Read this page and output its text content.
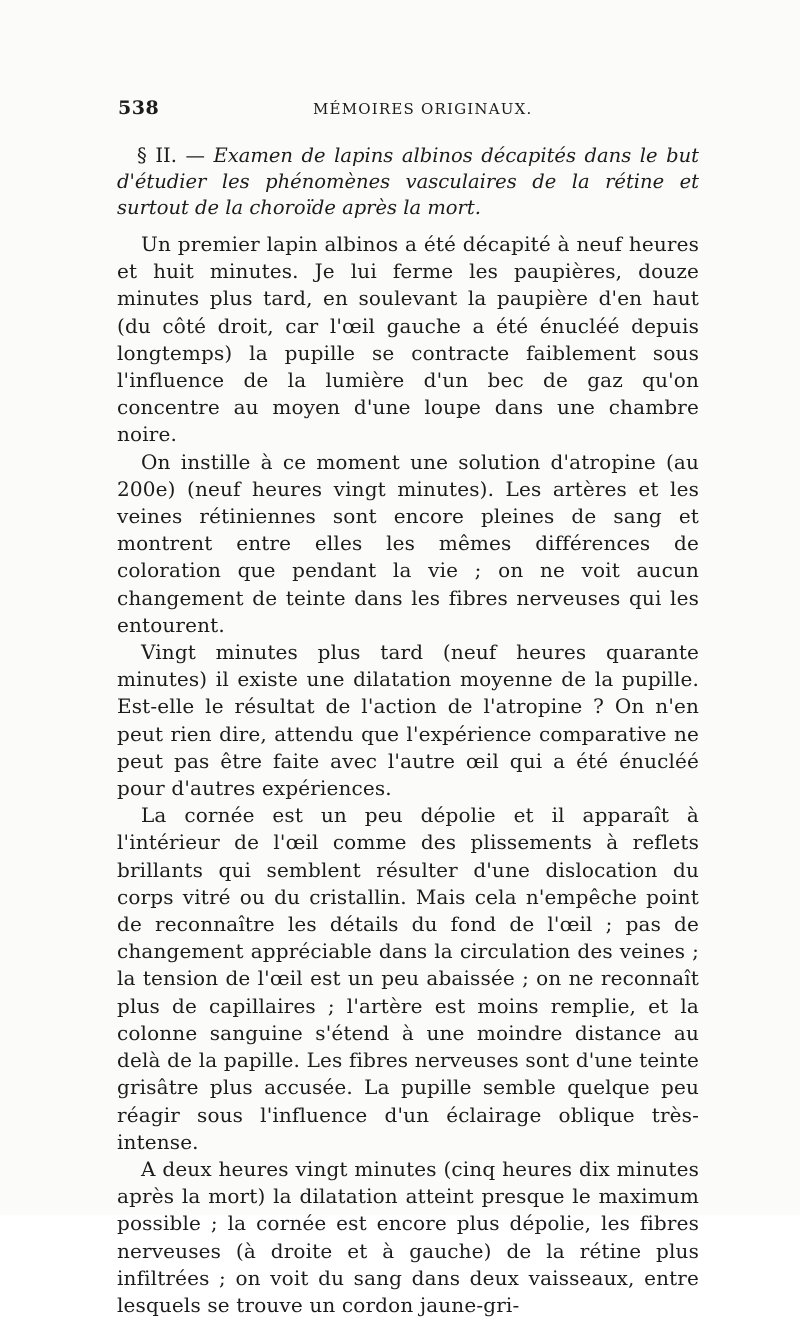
538	MÉMOIRES ORIGINAUX.

§ II. — Examen de lapins albinos décapités dans le but d'étudier les phénomènes vasculaires de la rétine et surtout de la choroïde après la mort.

Un premier lapin albinos a été décapité à neuf heures et huit minutes. Je lui ferme les paupières, douze minutes plus tard, en soulevant la paupière d'en haut (du côté droit, car l'œil gauche a été énucléé depuis longtemps) la pupille se contracte faiblement sous l'influence de la lumière d'un bec de gaz qu'on concentre au moyen d'une loupe dans une chambre noire.

On instille à ce moment une solution d'atropine (au 200e) (neuf heures vingt minutes). Les artères et les veines rétiniennes sont encore pleines de sang et montrent entre elles les mêmes différences de coloration que pendant la vie ; on ne voit aucun changement de teinte dans les fibres nerveuses qui les entourent.

Vingt minutes plus tard (neuf heures quarante minutes) il existe une dilatation moyenne de la pupille. Est-elle le résultat de l'action de l'atropine ? On n'en peut rien dire, attendu que l'expérience comparative ne peut pas être faite avec l'autre œil qui a été énucléé pour d'autres expériences.

La cornée est un peu dépolie et il apparaît à l'intérieur de l'œil comme des plissements à reflets brillants qui semblent résulter d'une dislocation du corps vitré ou du cristallin. Mais cela n'empêche point de reconnaître les détails du fond de l'œil ; pas de changement appréciable dans la circulation des veines ; la tension de l'œil est un peu abaissée ; on ne reconnaît plus de capillaires ; l'artère est moins remplie, et la colonne sanguine s'étend à une moindre distance au delà de la papille. Les fibres nerveuses sont d'une teinte grisâtre plus accusée. La pupille semble quelque peu réagir sous l'influence d'un éclairage oblique très-intense.

A deux heures vingt minutes (cinq heures dix minutes après la mort) la dilatation atteint presque le maximum possible ; la cornée est encore plus dépolie, les fibres nerveuses (à droite et à gauche) de la rétine plus infiltrées ; on voit du sang dans deux vaisseaux, entre lesquels se trouve un cordon jaune-gri-
